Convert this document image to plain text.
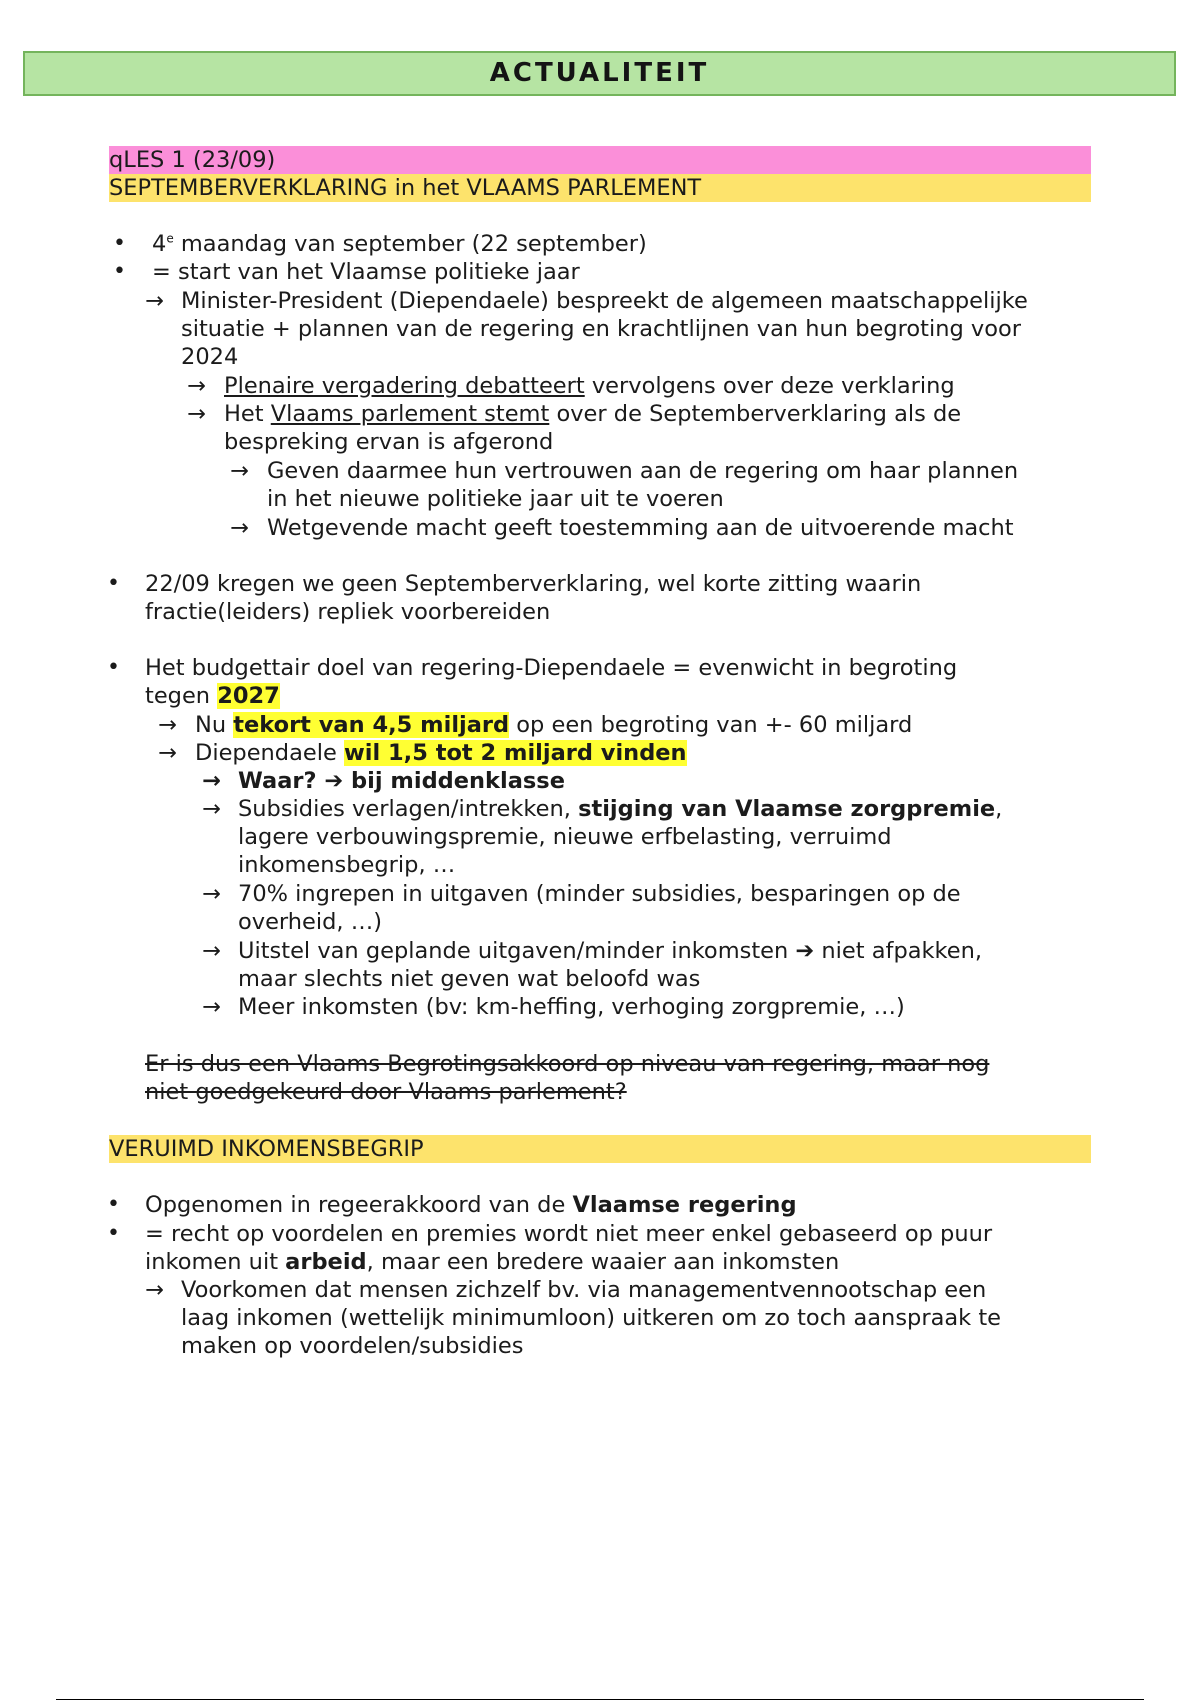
ACTUALITEIT
qLES 1 (23/09)
SEPTEMBERVERKLARING in het VLAAMS PARLEMENT
• 4e maandag van september (22 september)
• = start van het Vlaamse politieke jaar
→ Minister-President (Diependaele) bespreekt de algemeen maatschappelijke
situatie + plannen van de regering en krachtlijnen van hun begroting voor
2024
→ Plenaire vergadering debatteert vervolgens over deze verklaring
→ Het Vlaams parlement stemt over de Septemberverklaring als de
bespreking ervan is afgerond
→ Geven daarmee hun vertrouwen aan de regering om haar plannen
in het nieuwe politieke jaar uit te voeren
→ Wetgevende macht geeft toestemming aan de uitvoerende macht
• 22/09 kregen we geen Septemberverklaring, wel korte zitting waarin
fractie(leiders) repliek voorbereiden
• Het budgettair doel van regering-Diependaele = evenwicht in begroting
tegen 2027
→ Nu tekort van 4,5 miljard op een begroting van +- 60 miljard
→ Diependaele wil 1,5 tot 2 miljard vinden
→ Waar? ➔ bij middenklasse
→ Subsidies verlagen/intrekken, stijging van Vlaamse zorgpremie,
lagere verbouwingspremie, nieuwe erfbelasting, verruimd
inkomensbegrip, …
→ 70% ingrepen in uitgaven (minder subsidies, besparingen op de
overheid, …)
→ Uitstel van geplande uitgaven/minder inkomsten ➔ niet afpakken,
maar slechts niet geven wat beloofd was
→ Meer inkomsten (bv: km-heffing, verhoging zorgpremie, …)
Er is dus een Vlaams Begrotingsakkoord op niveau van regering, maar nog
niet goedgekeurd door Vlaams parlement?
VERUIMD INKOMENSBEGRIP
• Opgenomen in regeerakkoord van de Vlaamse regering
• = recht op voordelen en premies wordt niet meer enkel gebaseerd op puur
inkomen uit arbeid, maar een bredere waaier aan inkomsten
→ Voorkomen dat mensen zichzelf bv. via managementvennootschap een
laag inkomen (wettelijk minimumloon) uitkeren om zo toch aanspraak te
maken op voordelen/subsidies
